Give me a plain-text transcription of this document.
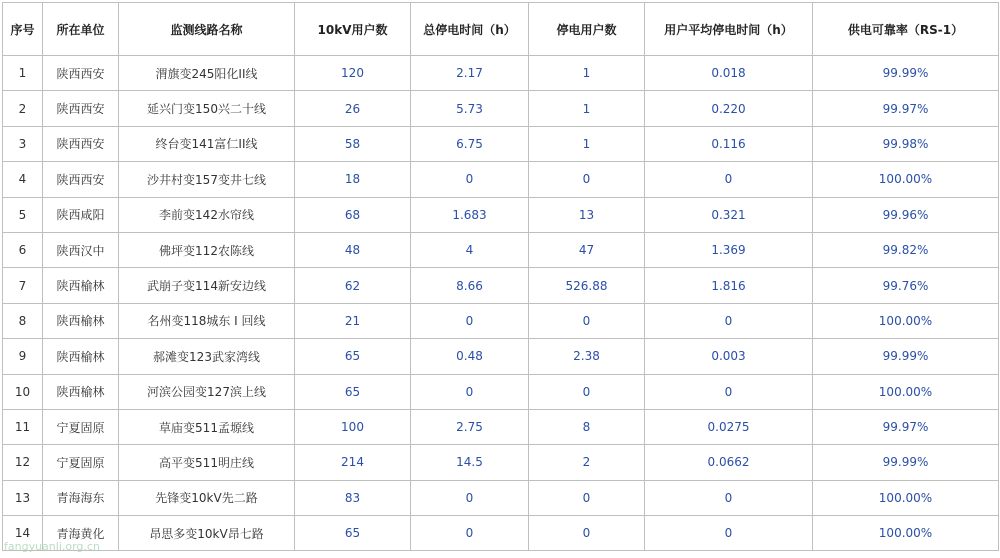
序号	所在单位	监测线路名称	10kV用户数	总停电时间（h）	停电用户数	用户平均停电时间（h）	供电可靠率（RS-1）
1	陕西西安	渭旗变245阳化II线	120	2.17	1	0.018	99.99%
2	陕西西安	延兴门变150兴二十线	26	5.73	1	0.220	99.97%
3	陕西西安	终台变141富仁II线	58	6.75	1	0.116	99.98%
4	陕西西安	沙井村变157变井七线	18	0	0	0	100.00%
5	陕西咸阳	李前变142水帘线	68	1.683	13	0.321	99.96%
6	陕西汉中	佛坪变112农陈线	48	4	47	1.369	99.82%
7	陕西榆林	武崩子变114新安边线	62	8.66	526.88	1.816	99.76%
8	陕西榆林	名州变118城东 I 回线	21	0	0	0	100.00%
9	陕西榆林	郝滩变123武家湾线	65	0.48	2.38	0.003	99.99%
10	陕西榆林	河滨公园变127滨上线	65	0	0	0	100.00%
11	宁夏固原	草庙变511孟塬线	100	2.75	8	0.0275	99.97%
12	宁夏固原	高平变511明庄线	214	14.5	2	0.0662	99.99%
13	青海海东	先锋变10kV先二路	83	0	0	0	100.00%
14	青海黄化	昂思多变10kV昂七路	65	0	0	0	100.00%
fangyuanli.org.cn
